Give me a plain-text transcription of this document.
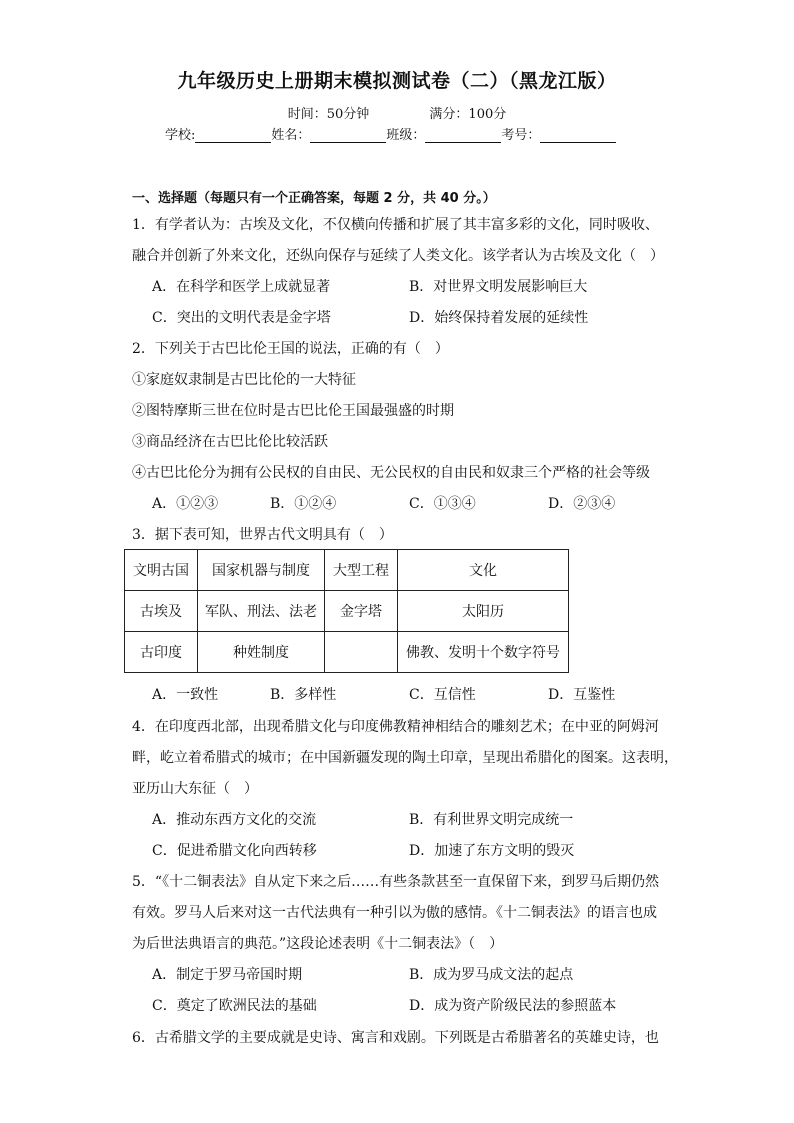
九年级历史上册期末模拟测试卷（二）（黑龙江版）
时间：50分钟	满分：100分
学校:	姓名：	班级：	考号：
一、选择题（每题只有一个正确答案，每题 2 分，共 40 分。）
1．有学者认为：古埃及文化，不仅横向传播和扩展了其丰富多彩的文化，同时吸收、
融合并创新了外来文化，还纵向保存与延续了人类文化。该学者认为古埃及文化（　）
A．在科学和医学上成就显著	B．对世界文明发展影响巨大
C．突出的文明代表是金字塔	D．始终保持着发展的延续性
2．下列关于古巴比伦王国的说法，正确的有（　）
①家庭奴隶制是古巴比伦的一大特征
②图特摩斯三世在位时是古巴比伦王国最强盛的时期
③商品经济在古巴比伦比较活跃
④古巴比伦分为拥有公民权的自由民、无公民权的自由民和奴隶三个严格的社会等级
A．①②③	B．①②④	C．①③④	D．②③④
3．据下表可知，世界古代文明具有（　）
文明古国	国家机器与制度	大型工程	文化
古埃及	军队、刑法、法老	金字塔	太阳历
古印度	种姓制度		佛教、发明十个数字符号
A．一致性	B．多样性	C．互信性	D．互鉴性
4．在印度西北部，出现希腊文化与印度佛教精神相结合的雕刻艺术；在中亚的阿姆河
畔，屹立着希腊式的城市；在中国新疆发现的陶土印章，呈现出希腊化的图案。这表明，
亚历山大东征（　）
A．推动东西方文化的交流	B．有利世界文明完成统一
C．促进希腊文化向西转移	D．加速了东方文明的毁灭
5．“《十二铜表法》自从定下来之后……有些条款甚至一直保留下来，到罗马后期仍然
有效。罗马人后来对这一古代法典有一种引以为傲的感情。《十二铜表法》的语言也成
为后世法典语言的典范。”这段论述表明《十二铜表法》（　）
A．制定于罗马帝国时期	B．成为罗马成文法的起点
C．奠定了欧洲民法的基础	D．成为资产阶级民法的参照蓝本
6．古希腊文学的主要成就是史诗、寓言和戏剧。下列既是古希腊著名的英雄史诗，也
